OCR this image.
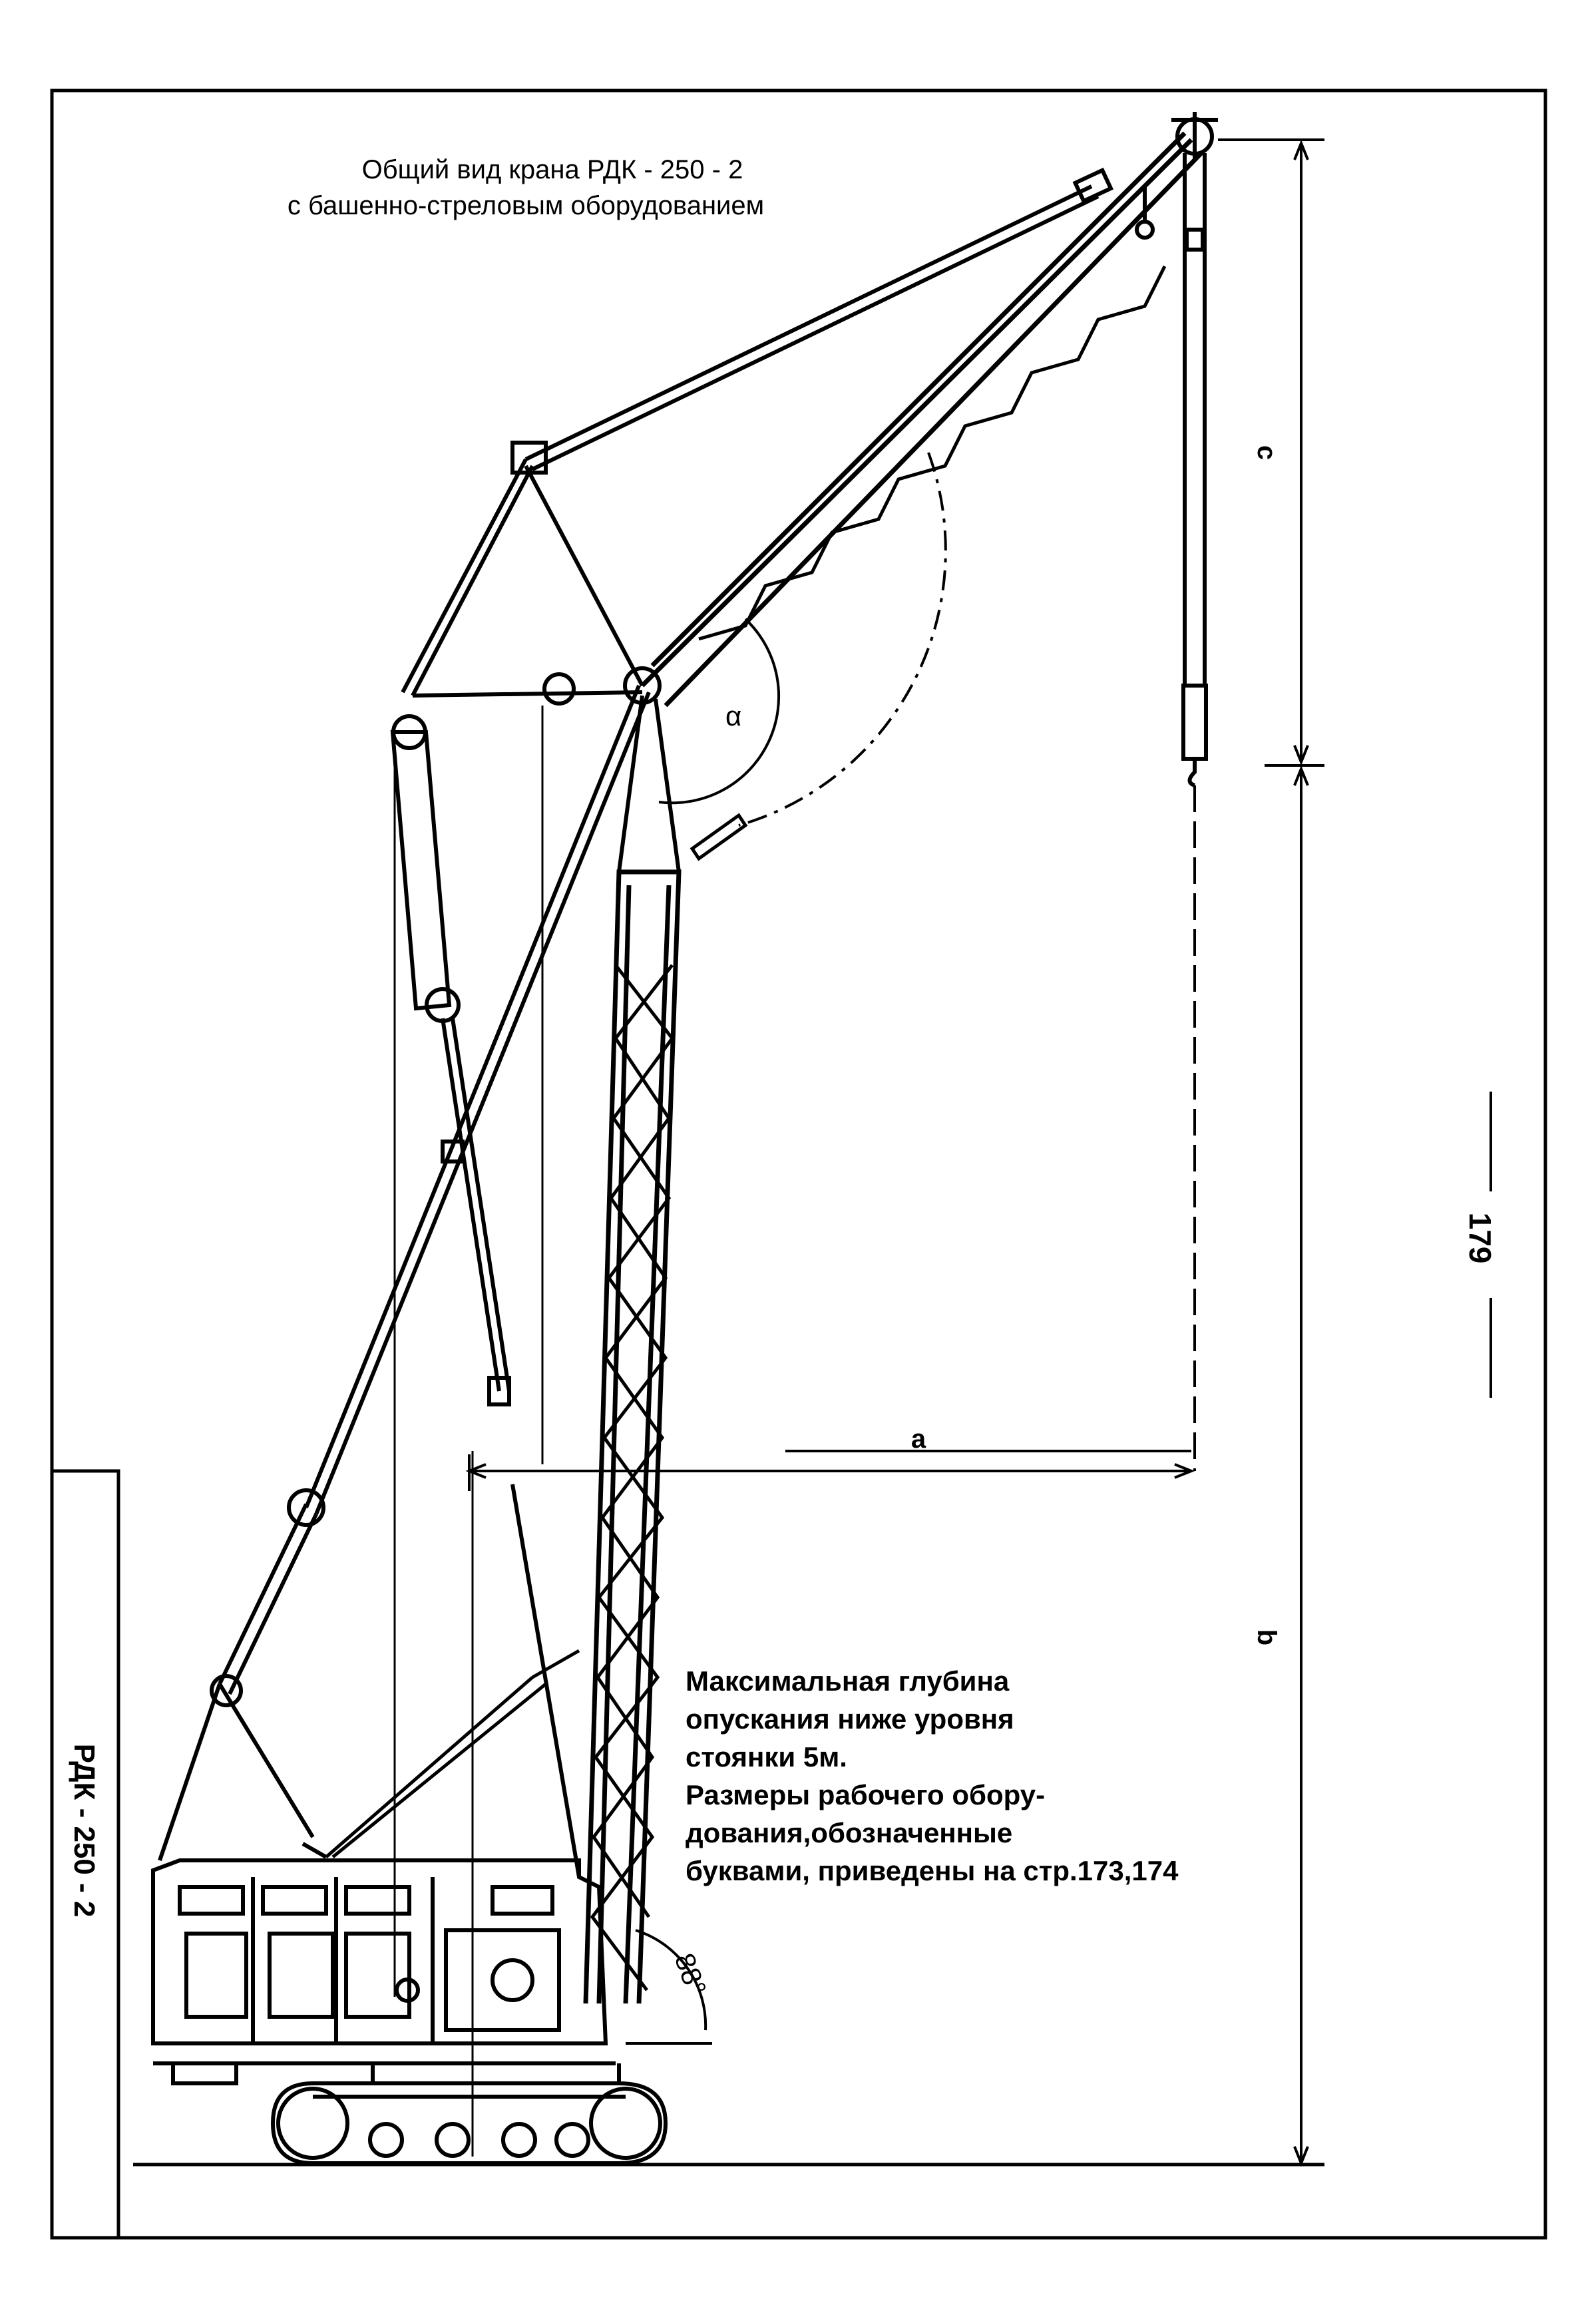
РДК - 250 - 2
179
Общий вид крана РДК - 250 - 2
с башенно-стреловым оборудованием
α
88°
c
b
a
Максимальная глубина
опускания ниже уровня
стоянки 5м.
Размеры рабочего обору-
дования,обозначенные
буквами, приведены на стр.173,174
